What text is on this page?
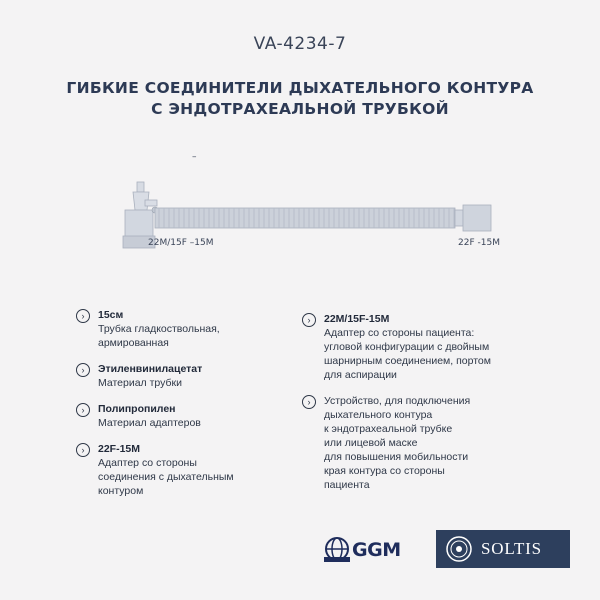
VA-4234-7
ГИБКИЕ СОЕДИНИТЕЛИ ДЫХАТЕЛЬНОГО КОНТУРА
С ЭНДОТРАХЕАЛЬНОЙ ТРУБКОЙ
–
22M/15F –15M	22F -15M
›	15см
Трубка гладкоствольная,
армированная
›	Этиленвинилацетат
Материал трубки
›	Полипропилен
Материал адаптеров
›	22F-15M
Адаптер со стороны
соединения с дыхательным
контуром
›	22M/15F-15M
Адаптер со стороны пациента:
угловой конфигурации с двойным
шарнирным соединением, портом
для аспирации
›	Устройство, для подключения
дыхательного контура
к эндотрахеальной трубке
или лицевой маске
для повышения мобильности
края контура со стороны
пациента
GGM	SOLTIS
